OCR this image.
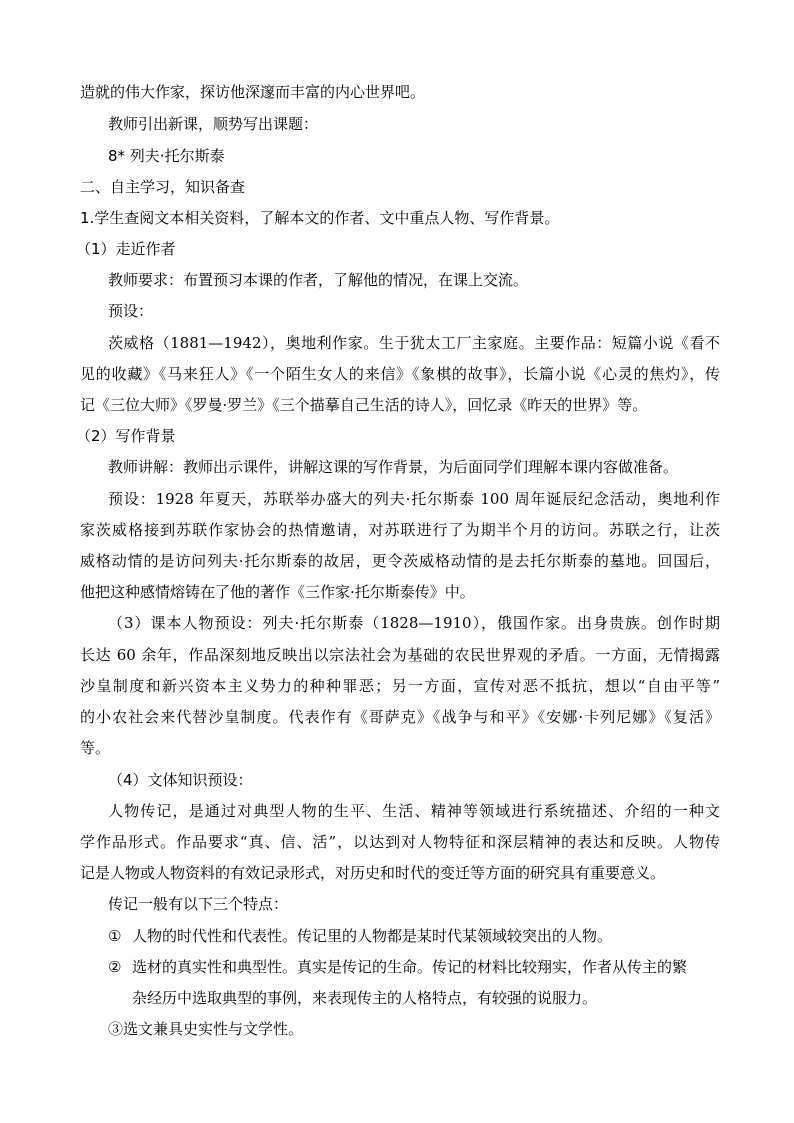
造就的伟大作家，探访他深邃而丰富的内心世界吧。
教师引出新课，顺势写出课题：
8* 列夫·托尔斯泰
二、自主学习，知识备查
1.学生查阅文本相关资料，了解本文的作者、文中重点人物、写作背景。
（1）走近作者
教师要求：布置预习本课的作者，了解他的情况，在课上交流。
预设：
茨威格（1881—1942），奥地利作家。生于犹太工厂主家庭。主要作品：短篇小说《看不
见的收藏》《马来狂人》《一个陌生女人的来信》《象棋的故事》，长篇小说《心灵的焦灼》，传
记《三位大师》《罗曼·罗兰》《三个描摹自己生活的诗人》，回忆录《昨天的世界》等。
（2）写作背景
教师讲解：教师出示课件，讲解这课的写作背景，为后面同学们理解本课内容做准备。
预设：1928 年夏天，苏联举办盛大的列夫·托尔斯泰 100 周年诞辰纪念活动，奥地利作
家茨威格接到苏联作家协会的热情邀请，对苏联进行了为期半个月的访问。苏联之行，让茨
威格动情的是访问列夫·托尔斯泰的故居，更令茨威格动情的是去托尔斯泰的墓地。回国后，
他把这种感情熔铸在了他的著作《三作家·托尔斯泰传》中。
（3）课本人物预设：列夫·托尔斯泰（1828—1910），俄国作家。出身贵族。创作时期
长达 60 余年，作品深刻地反映出以宗法社会为基础的农民世界观的矛盾。一方面，无情揭露
沙皇制度和新兴资本主义势力的种种罪恶；另一方面，宣传对恶不抵抗，想以“自由平等”
的小农社会来代替沙皇制度。代表作有《哥萨克》《战争与和平》《安娜·卡列尼娜》《复活》
等。
（4）文体知识预设：
人物传记，是通过对典型人物的生平、生活、精神等领域进行系统描述、介绍的一种文
学作品形式。作品要求“真、信、活”，以达到对人物特征和深层精神的表达和反映。人物传
记是人物或人物资料的有效记录形式，对历史和时代的变迁等方面的研究具有重要意义。
传记一般有以下三个特点：
① 人物的时代性和代表性。传记里的人物都是某时代某领域较突出的人物。
② 选材的真实性和典型性。真实是传记的生命。传记的材料比较翔实，作者从传主的繁
杂经历中选取典型的事例，来表现传主的人格特点，有较强的说服力。
③选文兼具史实性与文学性。
